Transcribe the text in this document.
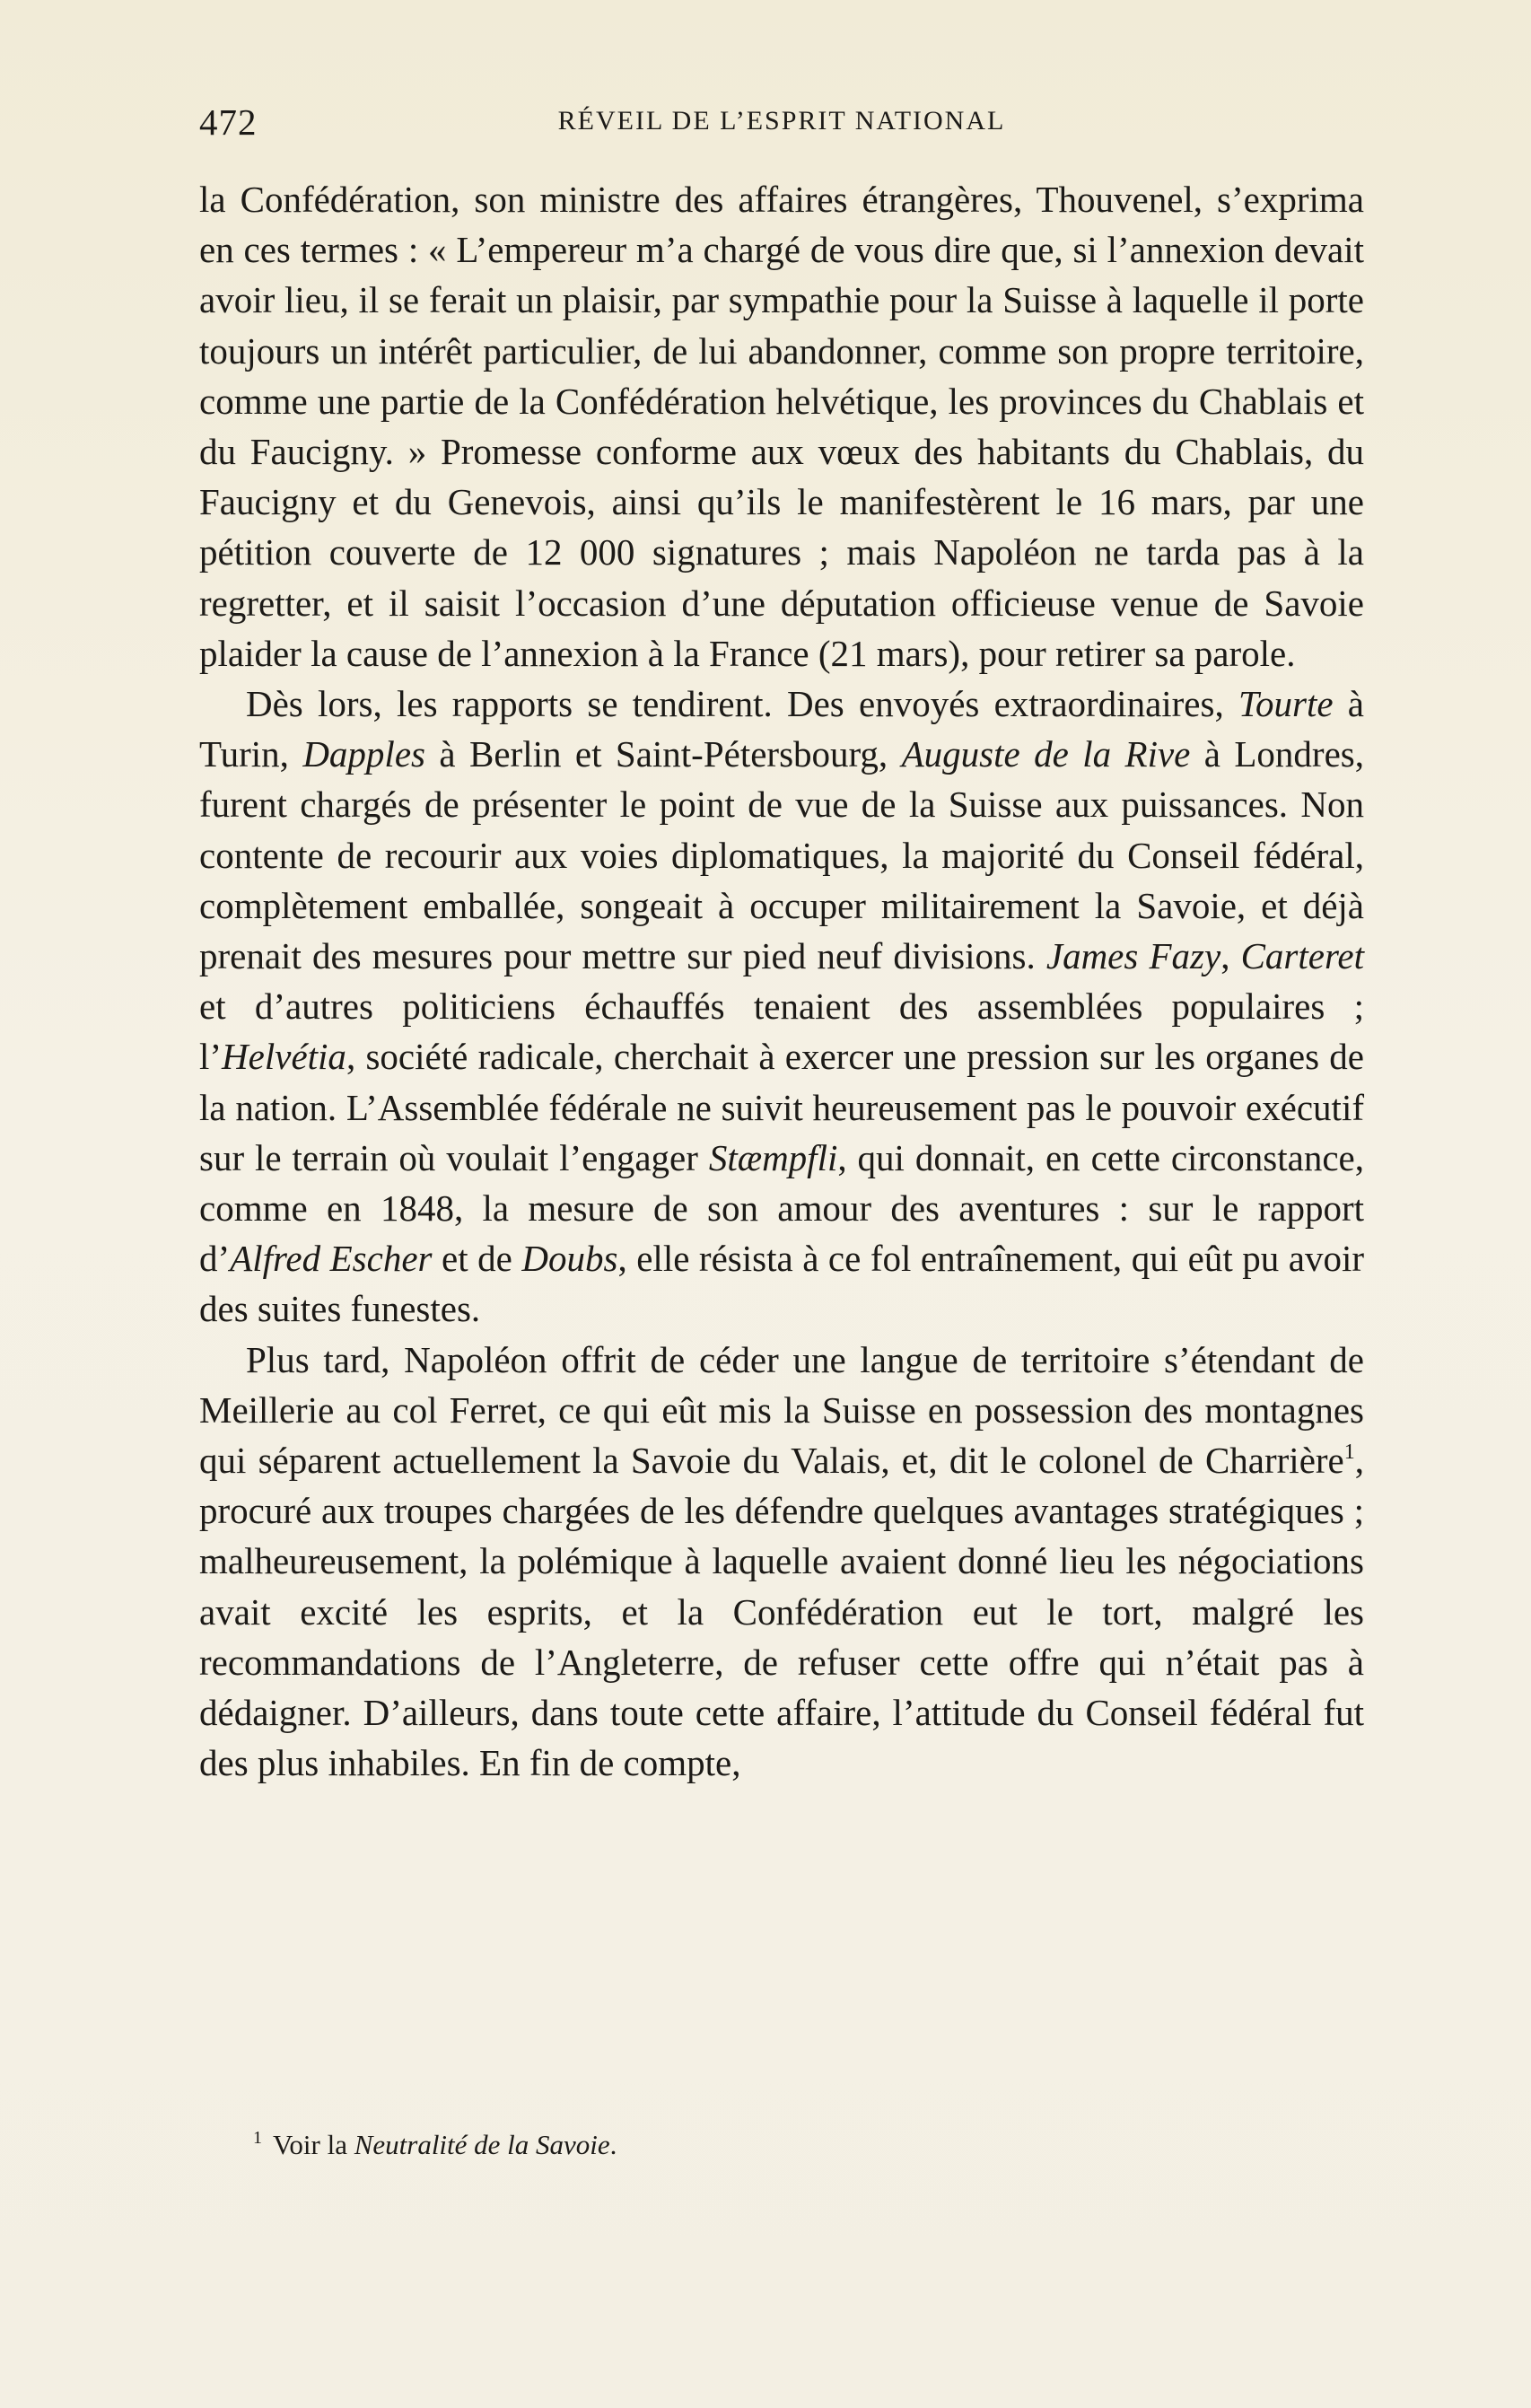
472	RÉVEIL DE L’ESPRIT NATIONAL

la Confédération, son ministre des affaires étrangères, Thouvenel, s’exprima en ces termes : « L’empereur m’a chargé de vous dire que, si l’annexion devait avoir lieu, il se ferait un plaisir, par sympathie pour la Suisse à laquelle il porte toujours un intérêt particulier, de lui abandonner, comme son propre territoire, comme une partie de la Confédération helvétique, les provinces du Chablais et du Faucigny. » Promesse conforme aux vœux des habitants du Chablais, du Faucigny et du Genevois, ainsi qu’ils le manifestèrent le 16 mars, par une pétition couverte de 12 000 signatures ; mais Napoléon ne tarda pas à la regretter, et il saisit l’occasion d’une députation officieuse venue de Savoie plaider la cause de l’annexion à la France (21 mars), pour retirer sa parole.

Dès lors, les rapports se tendirent. Des envoyés extraordinaires, Tourte à Turin, Dapples à Berlin et Saint-Pétersbourg, Auguste de la Rive à Londres, furent chargés de présenter le point de vue de la Suisse aux puissances. Non contente de recourir aux voies diplomatiques, la majorité du Conseil fédéral, complètement emballée, songeait à occuper militairement la Savoie, et déjà prenait des mesures pour mettre sur pied neuf divisions. James Fazy, Carteret et d’autres politiciens échauffés tenaient des assemblées populaires ; l’Helvétia, société radicale, cherchait à exercer une pression sur les organes de la nation. L’Assemblée fédérale ne suivit heureusement pas le pouvoir exécutif sur le terrain où voulait l’engager Stæmpfli, qui donnait, en cette circonstance, comme en 1848, la mesure de son amour des aventures : sur le rapport d’Alfred Escher et de Doubs, elle résista à ce fol entraînement, qui eût pu avoir des suites funestes.

Plus tard, Napoléon offrit de céder une langue de territoire s’étendant de Meillerie au col Ferret, ce qui eût mis la Suisse en possession des montagnes qui séparent actuellement la Savoie du Valais, et, dit le colonel de Charrière$^1$, procuré aux troupes chargées de les défendre quelques avantages stratégiques ; malheureusement, la polémique à laquelle avaient donné lieu les négociations avait excité les esprits, et la Confédération eut le tort, malgré les recommandations de l’Angleterre, de refuser cette offre qui n’était pas à dédaigner. D’ailleurs, dans toute cette affaire, l’attitude du Conseil fédéral fut des plus inhabiles. En fin de compte,

$^1$ Voir la Neutralité de la Savoie.
